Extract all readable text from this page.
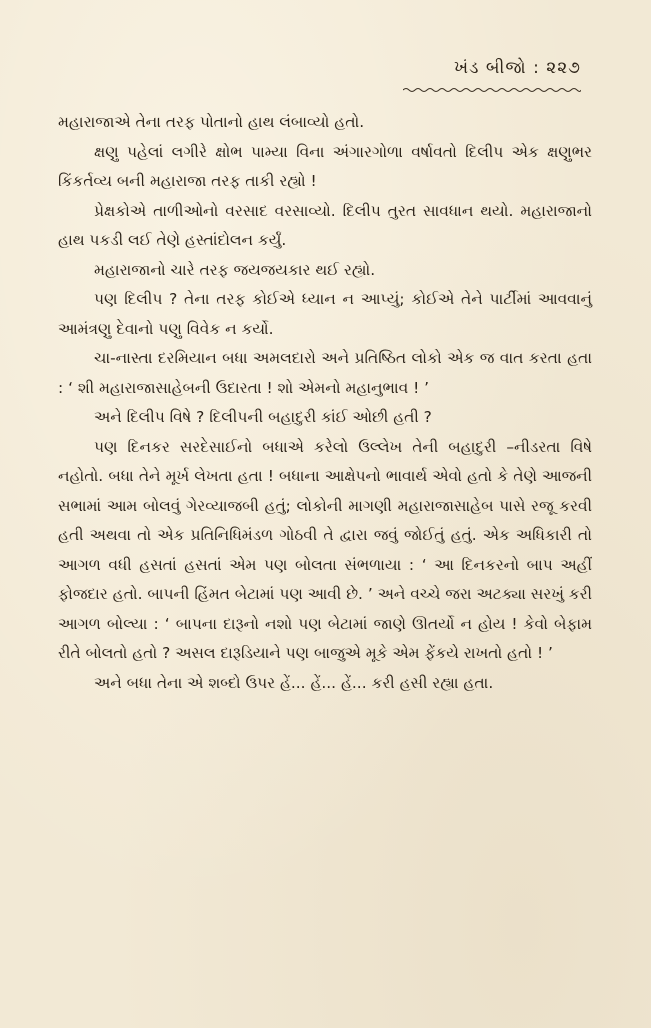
ખંડ બીજો : ૨૨૭

મહારાજાએ તેના તરફ પોતાનો હાથ લંબાવ્યો હતો.

ક્ષણુ પહેલાં લગીરે ક્ષોભ પામ્યા વિના અંગારગોળા વર્ષાવતો દિલીપ એક ક્ષણુભર કિંકર્તવ્ય બની મહારાજા તરફ તાકી રહ્યો !

પ્રેક્ષકોએ તાળીઓનો વરસાદ વરસાવ્યો. દિલીપ તુરત સાવધાન થયો. મહારાજાનો હાથ પકડી લઈ તેણે હસ્તાંદોલન કર્યું.

મહારાજાનો ચારે તરફ જયજયકાર થઈ રહ્યો.

પણ દિલીપ ? તેના તરફ કોઈએ ધ્યાન ન આપ્યું; કોઈએ તેને પાર્ટીમાં આવવાનું આમંત્રણુ દેવાનો પણુ વિવેક ન કર્યો.

ચા-નાસ્તા દરમિયાન બધા અમલદારો અને પ્રતિષ્ઠિત લોકો એક જ વાત કરતા હતા : ‘ શી મહારાજાસાહેબની ઉદારતા ! શો એમનો મહાનુભાવ ! ’

અને દિલીપ વિષે ? દિલીપની બહાદુરી કાંઈ ઓછી હતી ?

પણ દિનકર સરદેસાઈનો બધાએ કરેલો ઉલ્લેખ તેની બહાદુરી –નીડરતા વિષે નહોતો. બધા તેને મૂર્ખ લેખતા હતા ! બધાના આક્ષેપનો ભાવાર્થ એવો હતો કે તેણે આજની સભામાં આમ બોલવું ગેરવ્યાજબી હતું; લોકોની માગણી મહારાજાસાહેબ પાસે રજૂ કરવી હતી અથવા તો એક પ્રતિનિધિમંડળ ગોઠવી તે દ્વારા જવું જોઈતું હતું. એક અધિકારી તો આગળ વધી હસતાં હસતાં એમ પણ બોલતા સંભળાયા : ‘ આ દિનકરનો બાપ અહીં ફોજદાર હતો. બાપની હિંમત બેટામાં પણ આવી છે. ’ અને વચ્ચે જરા અટક્યા સરખું કરી આગળ બોલ્યા : ‘ બાપના દારૂનો નશો પણ બેટામાં જાણે ઊતર્યો ન હોય ! કેવો બેફામ રીતે બોલતો હતો ? અસલ દારૂડિયાને પણ બાજુએ મૂકે એમ ફેંકયે રાખતો હતો ! ’

અને બધા તેના એ શબ્દો ઉપર હેં... હેં... હેં... કરી હસી રહ્યા હતા.
